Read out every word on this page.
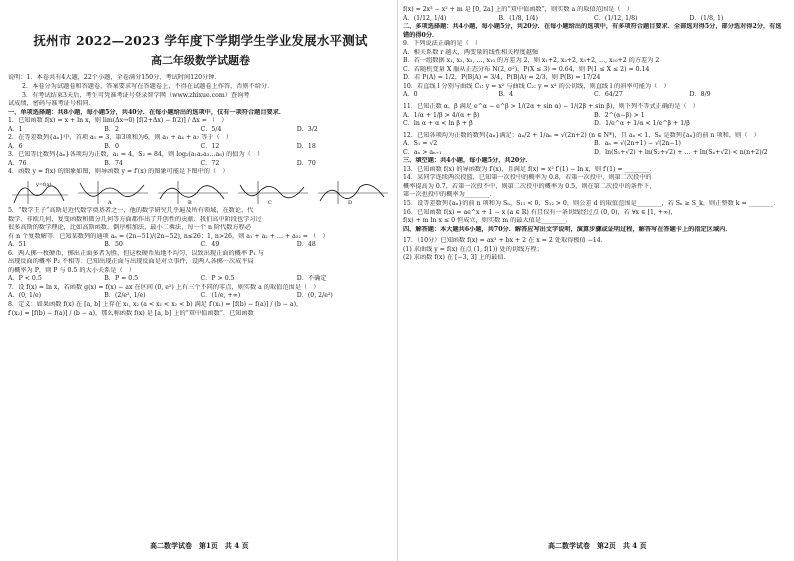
抚州市 2022—2023 学年度下学期学生学业发展水平测试

高二年级数学试题卷

说明：1．本卷共有4大题，22个小题，全卷满分150分，考试时间120分钟．

2．本卷分为试题卷和答题卷，答案要求写在答题卷上，不得在试题卷上作答，否则不给分．

3．有考试结束3天后，考生可凭准考证号登录智学网（www.zhixue.com）查询考

试成绩，密码与准考证号相同．

一、单项选择题：共8小题，每小题5分，共40分．在每小题给出的选项中，仅有一项符合题目要求．

1．已知函数 f(x) = x + ln x，则 lim(Δx→0) [f(2+Δx) − f(2)] / Δx = （　）

A．1	B．2	C．5/4	D．3/2

2．在等差数列{aₙ}中，首项 a₁ = 3，第3项和为6，则 a₁ + a₄ + a₇ 等于（　）

A．6	B．0	C．12	D．18

3．已知等比数列{aₙ}各项均为正数，a₁ = 4，S₂ = 84，则 log₂(a₁a₂a₃…a₆) 的值为（　）

A．76	B．74	C．72	D．70

4．函数 y = f(x) 的图象如图，则导函数 y = f′(x) 的图象可能是下图中的（　）

y=f(x)
A	B	C	D

5．“数学王子”高斯是近代数学奠基者之一，他的数学研究几乎遍及所有领域，在数论、代

数学、非欧几何、复变函数和微分几何等方面都作出了开创性的贡献．我们高中阶段也学习过

很多高斯的数学理论，比如高斯函数、倒序相加法、最小二乘法、每一个 n 阶代数方程必

有 n 个复数解等．已知某数列的通项 aₙ = (2n−51)/(2n−52), n≤26；1, n>26，则 a₁ + a₂ + … + a₅₂ = （　）

A．51	B．50	C．49	D．48

6．两人掷一枚硬币，掷出正面多者为胜，但这枚硬币质地不均匀，以致出现正面的概率 P₁ 与

出现反面的概率 P₂ 不相等．已知出现正面与出现反面是对立事件，设两人各掷一次成平局

的概率为 P，则 P 与 0.5 的大小关系是（　）

A．P < 0.5	B．P = 0.5	C．P > 0.5	D．不确定

7．设 f(x) = ln x，若函数 g(x) = f(x) − ax 在区间 (0, e²) 上有三个不同的零点，则实数 a 的取值范围是（　）

A．(0, 1/e)	B．(2/e², 1/e)	C．(1/e, +∞)	D．(0, 2/e²)

8．定义：如果函数 f(x) 在 [a, b] 上存在 x₁, x₂ (a < x₁ < x₂ < b) 满足 f′(x₁) = [f(b) − f(a)] / (b − a)，

f′(x₂) = [f(b) − f(a)] / (b − a)，那么称函数 f(x) 是 [a, b] 上的“双中值函数”．已知函数

高二数学试卷　第1页　共 4 页

f(x) = 2x³ − x² + m 是 [0, 2a] 上的“双中值函数”，则实数 a 的取值范围是（　）

A．(1/12, 1/4)	B．(1/8, 1/4)	C．(1/12, 1/8)	D．(1/8, 1)

二、多项选择题：共4小题，每小题5分，共20分．在每小题给出的选项中，有多项符合题目要求．全部选对得5分，部分选对得2分，有选错的得0分．

9．下列说法正确的是（　）

A．相关系数 r 越大，两变量的线性相关程度越强

B．若一组数据 x₁, x₂, x₃, …, x₁₀ 的方差为 2，则 x₁+2, x₂+2, x₃+2, …, x₁₀+2 的方差为 2

C．若随机变量 X 服从正态分布 N(2, σ²)，P(X ≤ 3) = 0.64，则 P(1 ≤ X ≤ 2) = 0.14

D．若 P(A) = 1/2，P(B|A) = 3/4，P(B|Ā) = 2/3，则 P(B) = 17/24

10．若直线 l 分别与曲线 C₁: y = x² 与曲线 C₂: y = x³ 的公切线，则直线 l 的斜率可能为（　）

A．0	B．4	C．64/27	D．8/9

11．已知正数 α，β 满足 e^α − e^β > 1/(2α + sin α) − 1/(2β + sin β)，则下列不等式正确的是（　）

A．1/α + 1/β > 4/(α + β)	B．2^(α−β) > 1
C．ln α + α < ln β + β	D．1/e^α + 1/α < 1/e^β + 1/β

12．已知各项均为正数的数列{aₙ}满足：aₙ/2 + 1/aₙ = √(2n+2) (n ∈ N*)，且 aₙ < 1，Sₙ 是数列{aₙ}的前 n 项和，则（　）

A．S₁ = √2	B．aₙ = √(2n+1) − √(2n−1)
C．aₙ > aₙ₊₁	D．ln(S₁+√2) + ln(S₂+√2) + … + ln(Sₙ+√2) < n(n+2)/2

三、填空题：共4小题，每小题5分，共20分．

13．已知函数 f(x) 的导函数为 f′(x)，且满足 f(x) = x² f′(1) − ln x，则 f′(1) = ________．

14．某同学连续两次投篮，已知第一次投中的概率为 0.8，若第一次投中，则第二次投中的

概率提高为 0.7，若第一次投不中，则第二次投中的概率为 0.5，则在第二次投中的条件下，

第一次也投中的概率为________．

15．设等差数列{aₙ}的前 n 项和为 Sₙ，S₁₁ < 0，S₁₂ > 0，则公差 d 的取值范围是________，若 Sₙ ≥ S_k，则正整数 k = ________．

16．已知函数 f(x) = ae^x + 1 − x (a ∈ R) 有且仅有一条切线经过点 (0, 0)，若 ∀x ∈ [1, +∞)，

f(x) + m ln x ≤ 0 恒成立，则实数 m 的最大值是________．

四、解答题：本大题共6小题，共70分．解答应写出文字说明，演算步骤或证明过程，解答写在答题卡上的指定区域内．

17．（10分）已知函数 f(x) = ax³ + bx + 2 在 x = 2 处取得极值 −14．

(1) 求曲线 y = f(x) 在点 (1, f(1)) 处的切线方程；

(2) 求函数 f(x) 在 [−3, 3] 上的最值．

高二数学试卷　第2页　共 4 页
